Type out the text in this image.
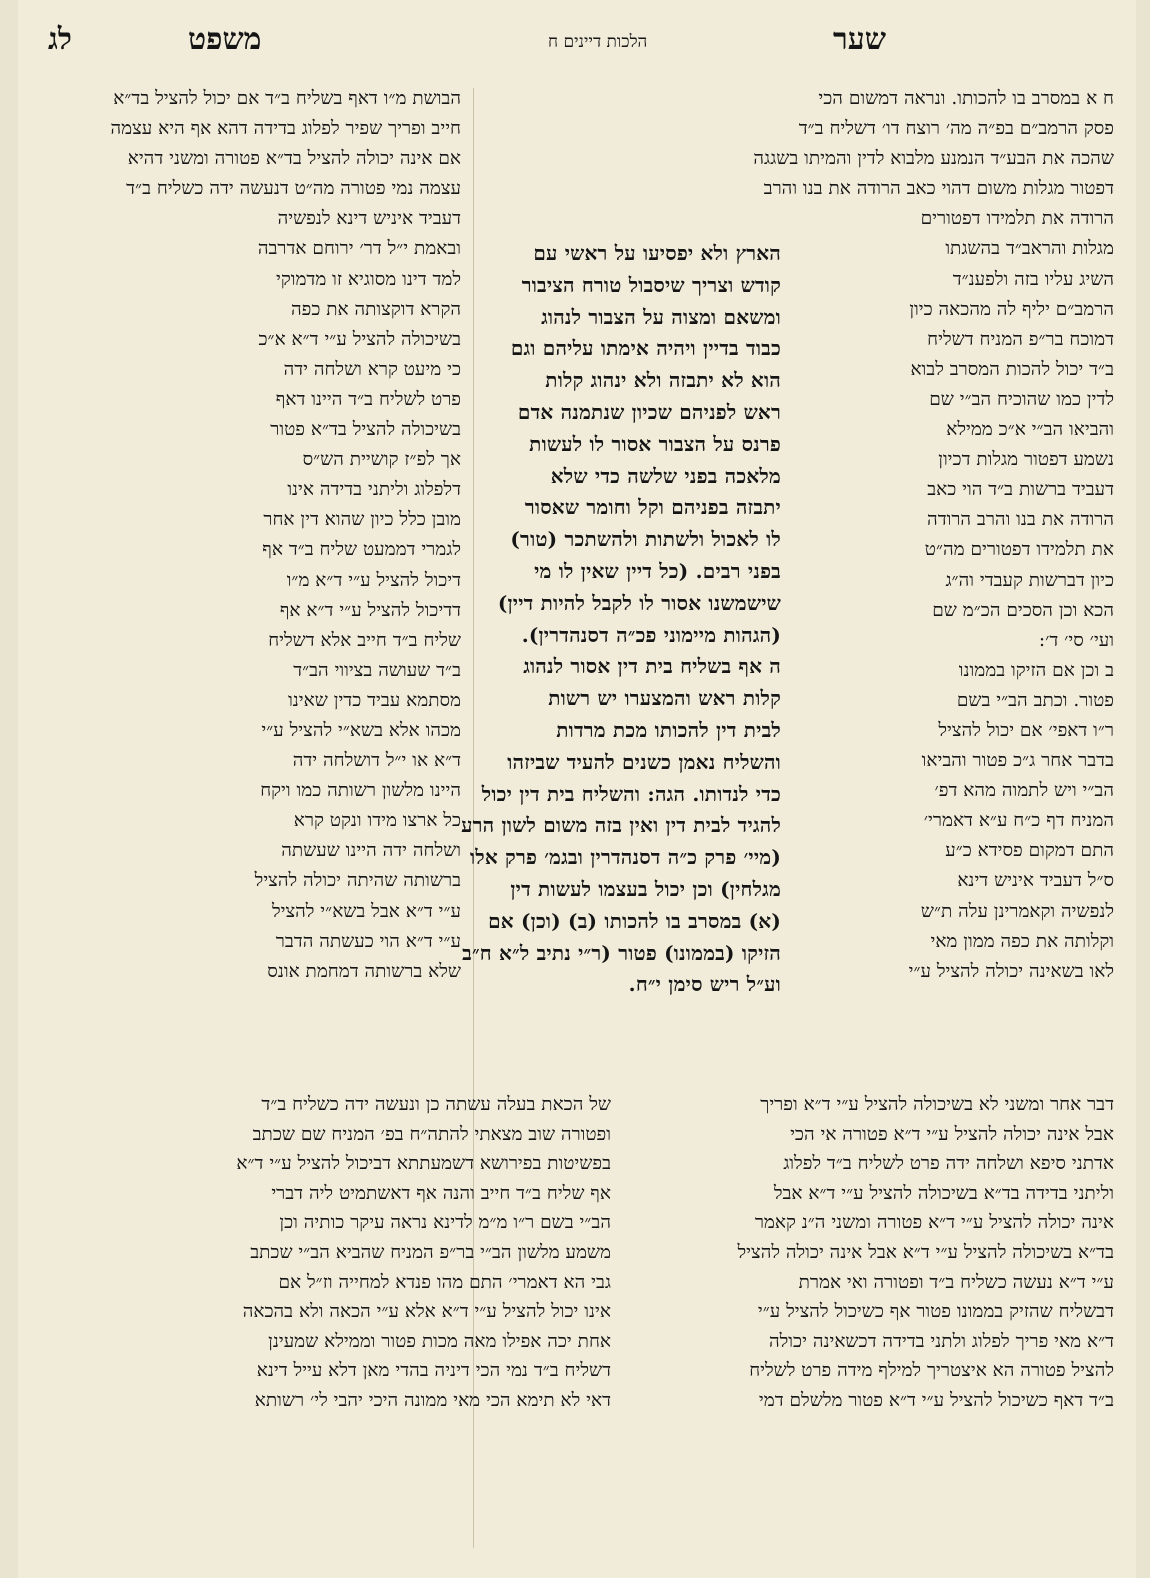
שער
הלכות דיינים ח
משפט
לג

ח א במסרב בו להכותו. ונראה דמשום הכי

פסק הרמב״ם בפ״ה מה׳ רוצח דו׳ דשליח ב״ד

שהכה את הבע״ד הנמנע מלבוא לדין והמיתו בשגגה

דפטור מגלות משום דהוי כאב הרודה את בנו והרב

הרודה את תלמידו דפטורים

מגלות והראב״ד בהשגתו

השיג עליו בזה ולפענ״ד

הרמב״ם יליף לה מהכאה כיון

דמוכח בר״פ המניח דשליח

ב״ד יכול להכות המסרב לבוא

לדין כמו שהוכיח הב״י שם

והביאו הב״י א״כ ממילא

נשמע דפטור מגלות דכיון

דעביד ברשות ב״ד הוי כאב

הרודה את בנו והרב הרודה

את תלמידו דפטורים מה״ט

כיון דברשות קעבדי וה״ג

הכא וכן הסכים הכ״מ שם

ועי׳ סי׳ ד׳:

ב וכן אם הזיקו בממונו

פטור. וכתב הב״י בשם

ר״ו דאפי׳ אם יכול להציל

בדבר אחר ג״כ פטור והביאו

הב״י ויש לתמוה מהא דפ׳

המניח דף כ״ח ע״א דאמרי׳

התם דמקום פסידא כ״ע

ס״ל דעביד איניש דינא

לנפשיה וקאמרינן עלה ת״ש

וקלותה את כפה ממון מאי

לאו בשאינה יכולה להציל ע״י

הארץ ולא יפסיעו על ראשי עם

קודש וצריך שיסבול טורח הציבור

ומשאם ומצוה על הצבור לנהוג

כבוד בדיין ויהיה אימתו עליהם וגם

הוא לא יתבזה ולא ינהוג קלות

ראש לפניהם שכיון שנתמנה אדם

פרנס על הצבור אסור לו לעשות

מלאכה בפני שלשה כדי שלא

יתבזה בפניהם וקל וחומר שאסור

לו לאכול ולשתות ולהשתכר (טור)

בפני רבים. (כל דיין שאין לו מי

שישמשנו אסור לו לקבל להיות דיין)

(הגהות מיימוני פכ״ה דסנהדרין).

ה אף בשליח בית דין אסור לנהוג

קלות ראש והמצערו יש רשות

לבית דין להכותו מכת מרדות

והשליח נאמן כשנים להעיד שביזהו

כדי לנדותו. הגה: והשליח בית דין יכול

להגיד לבית דין ואין בזה משום לשון הרע

(מיי׳ פרק כ״ה דסנהדרין ובגמ׳ פרק אלו

מגלחין) וכן יכול בעצמו לעשות דין

(א) במסרב בו להכותו (ב) (וכן) אם

הזיקו (בממונו) פטור (ר״י נתיב ל״א ח״ב

וע״ל ריש סימן י״ח.

הבושת מ״ו דאף בשליח ב״ד אם יכול להציל בד״א

חייב ופריך שפיר לפלוג בדידה דהא אף היא עצמה

אם אינה יכולה להציל בד״א פטורה ומשני דהיא

עצמה נמי פטורה מה״ט דנעשה ידה כשליח ב״ד

דעביד איניש דינא לנפשיה

ובאמת י״ל דר׳ ירוחם אדרבה

למד דינו מסוגיא זו מדמוקי

הקרא דוקצותה את כפה

בשיכולה להציל ע״י ד״א א״כ

כי מיעט קרא ושלחה ידה

פרט לשליח ב״ד היינו דאף

בשיכולה להציל בד״א פטור

אך לפ״ז קושיית הש״ס

דלפלוג וליתני בדידה אינו

מובן כלל כיון שהוא דין אחר

לגמרי דממעט שליח ב״ד אף

דיכול להציל ע״י ד״א מ״ו

דדיכול להציל ע״י ד״א אף

שליח ב״ד חייב אלא דשליח

ב״ד שעושה בציווי הב״ד

מסתמא עביד כדין שאינו

מכהו אלא בשא״י להציל ע״י

ד״א או י״ל דושלחה ידה

היינו מלשון רשותה כמו ויקח

כל ארצו מידו ונקט קרא

ושלחה ידה היינו שעשתה

ברשותה שהיתה יכולה להציל

ע״י ד״א אבל בשא״י להציל

ע״י ד״א הוי כעשתה הדבר

שלא ברשותה דמחמת אונס

דבר אחר ומשני לא בשיכולה להציל ע״י ד״א ופריך

אבל אינה יכולה להציל ע״י ד״א פטורה אי הכי

אדתני סיפא ושלחה ידה פרט לשליח ב״ד לפלוג

וליתני בדידה בד״א בשיכולה להציל ע״י ד״א אבל

אינה יכולה להציל ע״י ד״א פטורה ומשני ה״נ קאמר

בד״א בשיכולה להציל ע״י ד״א אבל אינה יכולה להציל

ע״י ד״א נעשה כשליח ב״ד ופטורה ואי אמרת

דבשליח שהזיק בממונו פטור אף כשיכול להציל ע״י

ד״א מאי פריך לפלוג ולתני בדידה דכשאינה יכולה

להציל פטורה הא איצטריך למילף מידה פרט לשליח

ב״ד דאף כשיכול להציל ע״י ד״א פטור מלשלם דמי

של הכאת בעלה עשתה כן ונעשה ידה כשליח ב״ד

ופטורה שוב מצאתי להתה״ח בפ׳ המניח שם שכתב

בפשיטות בפירושא דשמעתתא דביכול להציל ע״י ד״א

אף שליח ב״ד חייב והנה אף דאשתמיט ליה דברי

הב״י בשם ר״ו מ״מ לדינא נראה עיקר כותיה וכן

משמע מלשון הב״י בר״פ המניח שהביא הב״י שכתב

גבי הא דאמרי׳ התם מהו פנדא למחייה וז״ל אם

אינו יכול להציל ע״י ד״א אלא ע״י הכאה ולא בהכאה

אחת יכה אפילו מאה מכות פטור וממילא שמעינן

דשליח ב״ד נמי הכי דיניה בהדי מאן דלא עייל דינא

דאי לא תימא הכי מאי ממונה היכי יהבי לי׳ רשותא
